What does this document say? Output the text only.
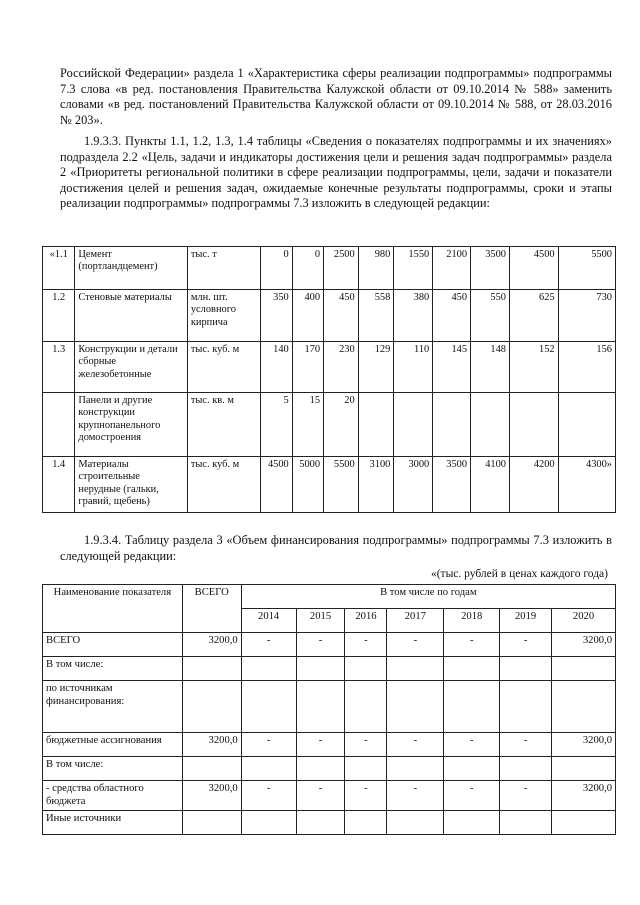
Российской Федерации» раздела 1 «Характеристика сферы реализации подпрограммы» подпрограммы 7.3 слова «в ред. постановления Правительства Калужской области от 09.10.2014 № 588» заменить словами «в ред. постановлений Правительства Калужской области от 09.10.2014 № 588, от 28.03.2016 № 203».

1.9.3.3. Пункты 1.1, 1.2, 1.3, 1.4 таблицы «Сведения о показателях подпрограммы и их значениях» подраздела 2.2 «Цель, задачи и индикаторы достижения цели и решения задач подпрограммы» раздела 2 «Приоритеты региональной политики в сфере реализации подпрограммы, цели, задачи и показатели достижения целей и решения задач, ожидаемые конечные результаты подпрограммы, сроки и этапы реализации подпрограммы» подпрограммы 7.3 изложить в следующей редакции:

«1.1	Цемент (портландцемент)	тыс. т	0	0	2500	980	1550	2100	3500	4500	5500
1.2	Стеновые материалы	млн. шт. условного кирпича	350	400	450	558	380	450	550	625	730
1.3	Конструкции и детали сборные железобетонные	тыс. куб. м	140	170	230	129	110	145	148	152	156
	Панели и другие конструкции крупнопанельного домостроения	тыс. кв. м	5	15	20						
1.4	Материалы строительные нерудные (гальки, гравий, щебень)	тыс. куб. м	4500	5000	5500	3100	3000	3500	4100	4200	4300»

1.9.3.4. Таблицу раздела 3 «Объем финансирования подпрограммы» подпрограммы 7.3 изложить в следующей редакции:

«(тыс. рублей в ценах каждого года)
Наименование показателя	ВСЕГО	В том числе по годам						
		2014	2015	2016	2017	2018	2019	2020
ВСЕГО	3200,0	-	-	-	-	-	-	3200,0
В том числе:								
по источникам финансирования:								
бюджетные ассигнования	3200,0	-	-	-	-	-	-	3200,0
В том числе:								
- средства областного бюджета	3200,0	-	-	-	-	-	-	3200,0
Иные источники								
